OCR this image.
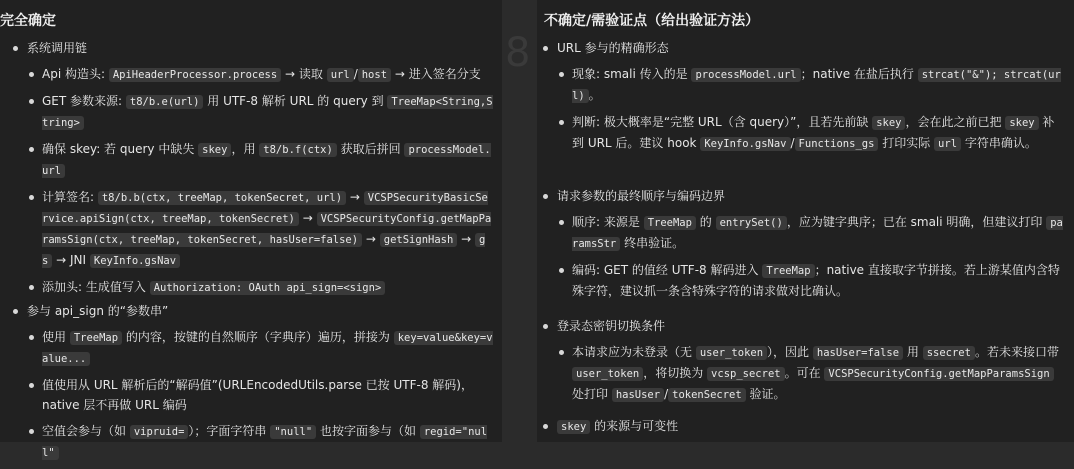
完全确定
系统调用链
Api 构造头: ApiHeaderProcessor.process → 读取 url / host → 进入签名分支
GET 参数来源: t8/b.e(url) 用 UTF-8 解析 URL 的 query 到 TreeMap<String,String>
确保 skey: 若 query 中缺失 skey ，用 t8/b.f(ctx) 获取后拼回 processModel.url
计算签名: t8/b.b(ctx, treeMap, tokenSecret, url) → VCSPSecurityBasicService.apiSign(ctx, treeMap, tokenSecret) → VCSPSecurityConfig.getMapParamsSign(ctx, treeMap, tokenSecret, hasUser=false) → getSignHash → gs → JNI KeyInfo.gsNav
添加头: 生成值写入 Authorization: OAuth api_sign=<sign>
参与 api_sign 的“参数串”
使用 TreeMap 的内容，按键的自然顺序（字典序）遍历，拼接为 key=value&key=value...
值使用从 URL 解析后的“解码值”(URLEncodedUtils.parse 已按 UTF-8 解码)，native 层不再做 URL 编码
空值会参与（如 vipruid= ）；字面字符串 "null" 也按字面参与（如 regid="null"
8
不确定/需验证点（给出验证方法）
URL 参与的精确形态
现象: smali 传入的是 processModel.url ；native 在盐后执行 strcat("&"); strcat(url) 。
判断: 极大概率是“完整 URL（含 query）”，且若先前缺 skey ，会在此之前已把 skey 补到 URL 后。建议 hook KeyInfo.gsNav / Functions_gs 打印实际 url 字符串确认。
请求参数的最终顺序与编码边界
顺序: 来源是 TreeMap 的 entrySet() ，应为键字典序；已在 smali 明确，但建议打印 paramsStr 终串验证。
编码: GET 的值经 UTF-8 解码进入 TreeMap ；native 直接取字节拼接。若上游某值内含特殊字符，建议抓一条含特殊字符的请求做对比确认。
登录态密钥切换条件
本请求应为未登录（无 user_token ），因此 hasUser=false 用 ssecret 。若未来接口带 user_token ，将切换为 vcsp_secret 。可在 VCSPSecurityConfig.getMapParamsSign 处打印 hasUser / tokenSecret 验证。
skey 的来源与可变性
